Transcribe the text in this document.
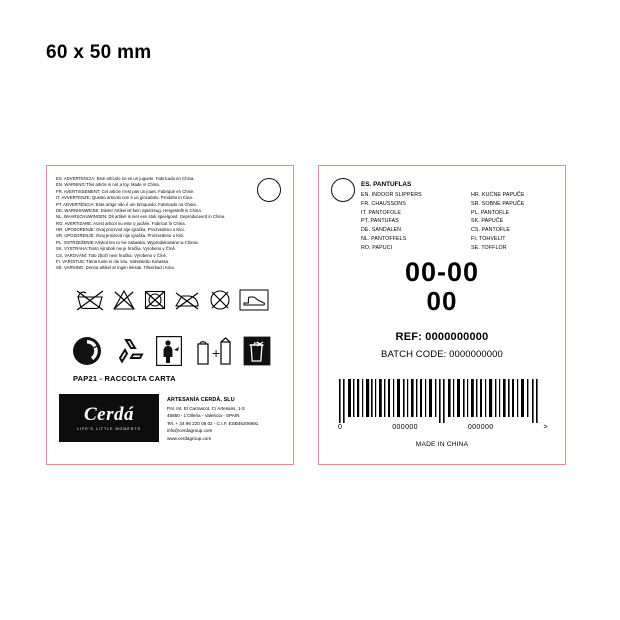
60 x 50 mm
ES. ADVERTENCIA: Este artículo no es un juguete. Fabricado en China.
EN. WARNING:This article is not a toy. Made in China.
FR. AVERTISSEMENT: Cet article n'est pas un jouet. Fabriqué en Chine.
IT. AVVERTENZE: Questo articolo non è un giocattolo. Prodotto in Cina.
PT. ADVERTÊNCIA: Este artigo não é um brinquedo. Fabricado na China.
DE. WARNHINWEISE: Dieser Artikel ist kein Spielzeug. Hergestellt in China.
NL. WAARSCHUWINGEN: Dit artikel is niet een stuk speelgoed. Geproduceerd in China.
RO. AVERTIZARE: Acest articol nu este o jucărie. Fabricat în China.
HR. UPOZORENJE: Ovaj proizvod nije igračka. Proizvedeno u Kini.
SR. UPOZORENJE: Ovaj proizvod nije igračka. Proizvedeno u Kini.
PL. OSTRZEŻENIE:Artykuł ten to nie zabawka. Wyprodukowane w Chinac.
SK. VÝSTRAHA:Tento výrobok nie je hračka. Vyrobeno v Číně.
CS. VAROVÁNÍ: Toto zboží není hračka. Vyrobeno v Číně.
FI. VAROITUS: Tämä tuote ei ole lelu. Valmistettu Kiinassa.
SE. VARNING: Denna artikel är ingen leksak. Tillverkad i Kina.
+
PAP21 - RACCOLTA CARTA
Cerdá
LIFE'S LITTLE MOMENTS
ARTESANÍA CERDÁ, SLU
Pol. Int. El Carrascot, C/ Artesans, 1-3
46850 - L'Olleria - Valencia - SPAIN
Tel. + 34 96 220 05 02 - C.I.F. ESB46206991
info@cerdagroup.com
www.cerdagroup.com
ES. PANTUFLAS
EN. INDOOR SLIPPERS
FR. CHAUSSONS
IT. PANTOFOLE
PT. PANTUFAS
DE. SANDALEN
NL. PANTOFFELS
RO. PAPUCI
HR. KUĆNE PAPUČE
SR. SOBNE PAPUČE
PL. PANTOFLE
SK. PAPUČE
CS. PANTOFLE
FI. TOHVELIT
SE. TOFFLOR
00-00
00
REF: 0000000000
BATCH CODE: 0000000000
0	000000	000000	>
MADE IN CHINA
